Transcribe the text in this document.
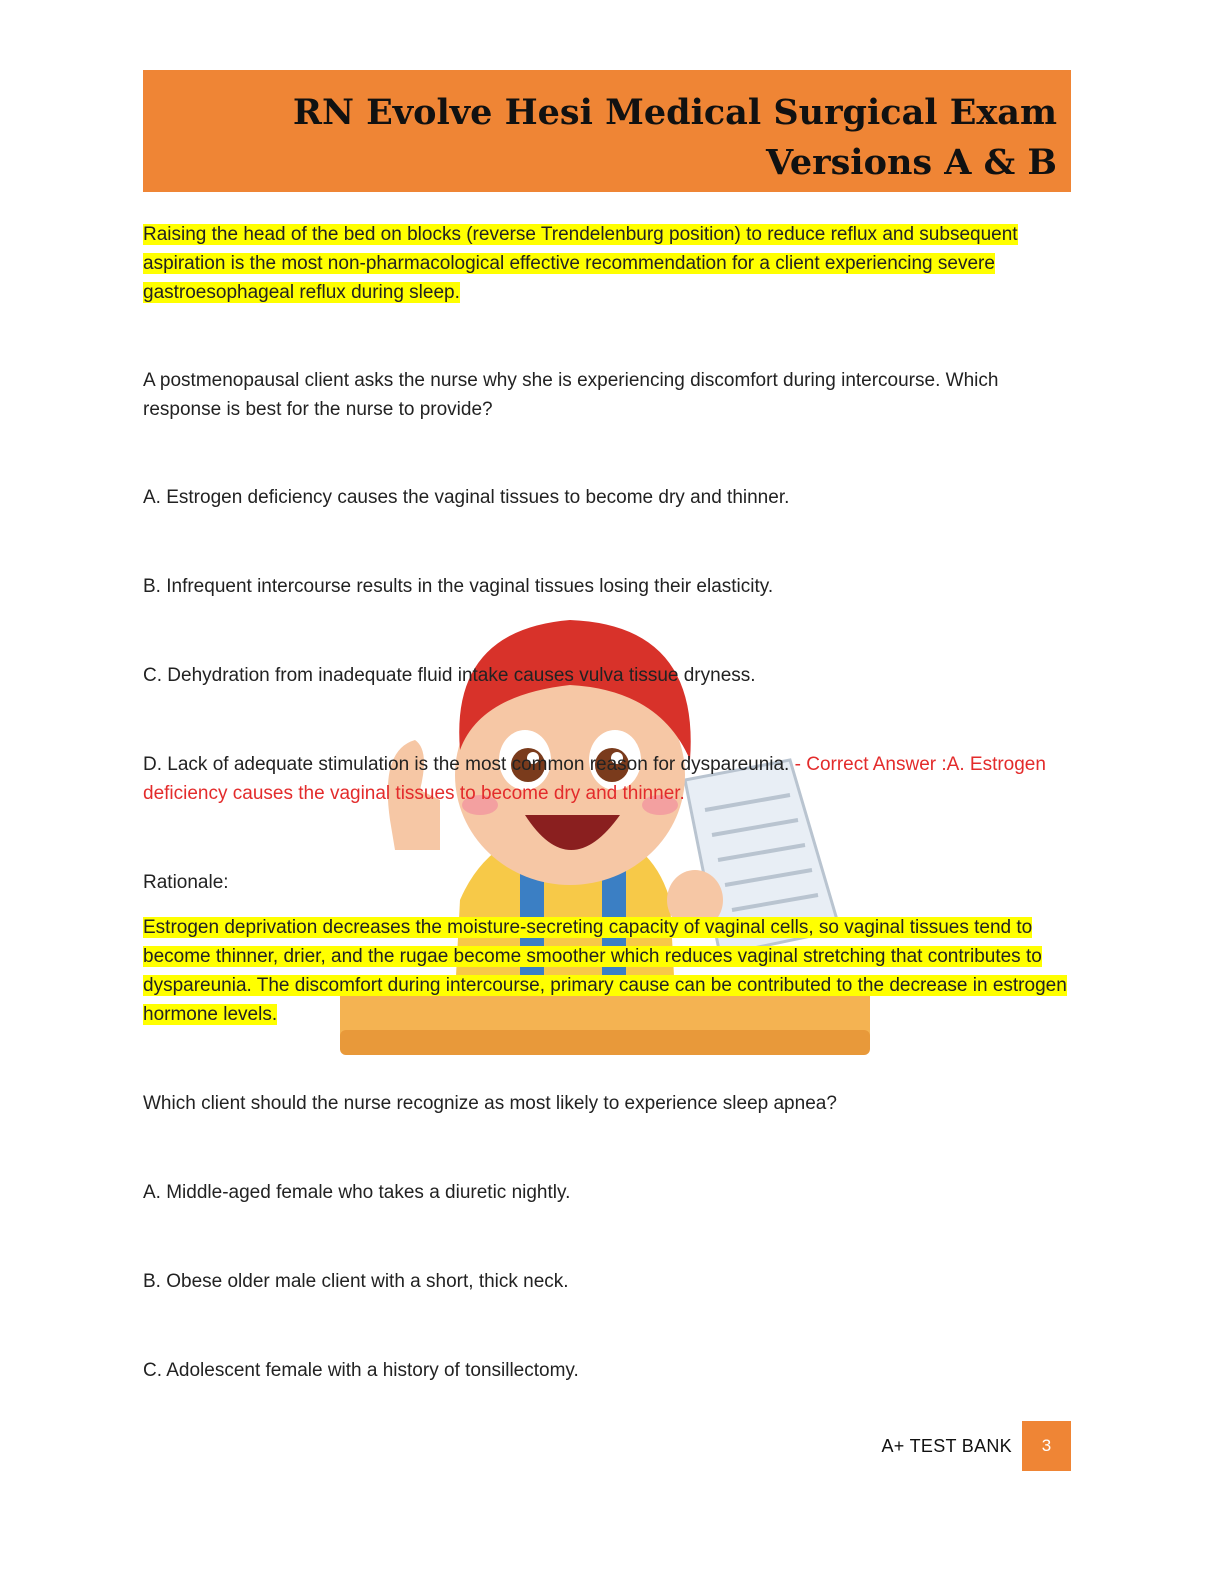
RN Evolve Hesi Medical Surgical Exam
Versions A & B

Raising the head of the bed on blocks (reverse Trendelenburg position) to reduce reflux and subsequent aspiration is the most non-pharmacological effective recommendation for a client experiencing severe gastroesophageal reflux during sleep.

A postmenopausal client asks the nurse why she is experiencing discomfort during intercourse. Which response is best for the nurse to provide?

A. Estrogen deficiency causes the vaginal tissues to become dry and thinner.

B. Infrequent intercourse results in the vaginal tissues losing their elasticity.

C. Dehydration from inadequate fluid intake causes vulva tissue dryness.

D. Lack of adequate stimulation is the most common reason for dyspareunia. - Correct Answer :A. Estrogen deficiency causes the vaginal tissues to become dry and thinner.

Rationale:

Estrogen deprivation decreases the moisture-secreting capacity of vaginal cells, so vaginal tissues tend to become thinner, drier, and the rugae become smoother which reduces vaginal stretching that contributes to dyspareunia. The discomfort during intercourse, primary cause can be contributed to the decrease in estrogen hormone levels.

Which client should the nurse recognize as most likely to experience sleep apnea?

A. Middle-aged female who takes a diuretic nightly.

B. Obese older male client with a short, thick neck.

C. Adolescent female with a history of tonsillectomy.

A+ TEST BANK	3
